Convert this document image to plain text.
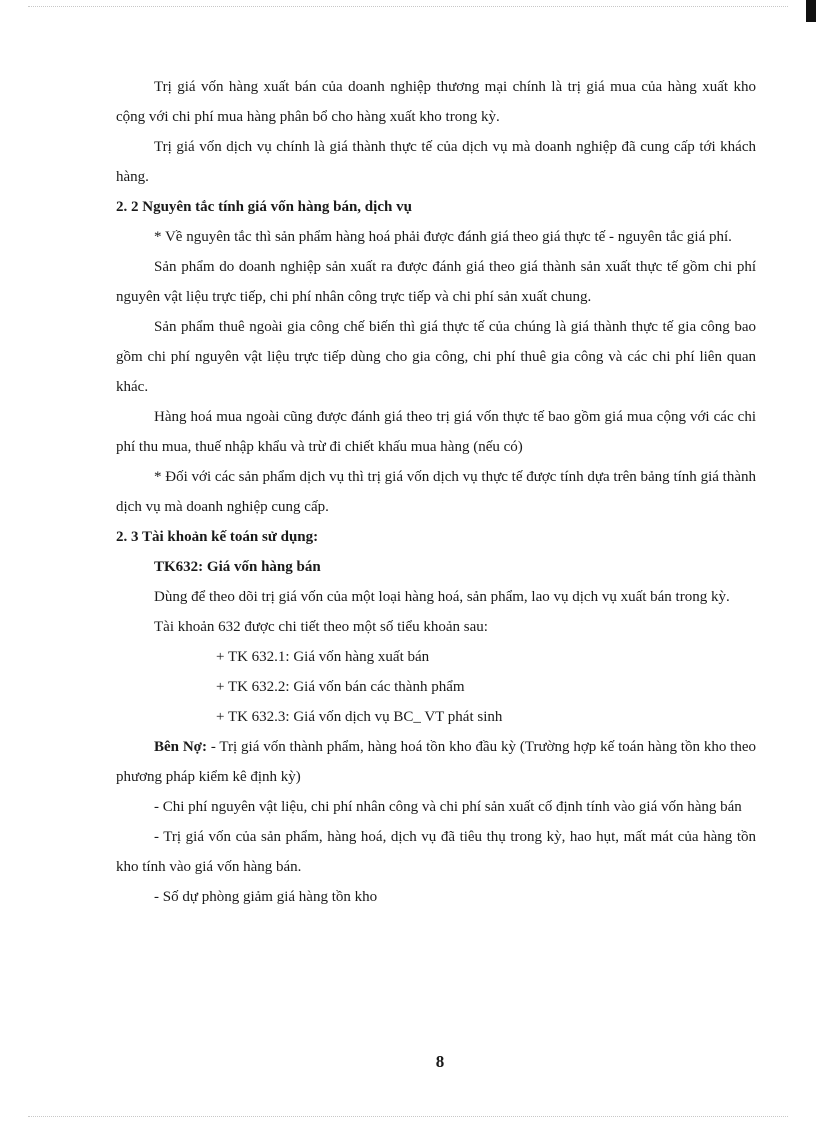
Trị giá vốn hàng xuất bán của doanh nghiệp thương mại chính là trị giá mua của hàng xuất kho cộng với chi phí mua hàng phân bổ cho hàng xuất kho trong kỳ.

Trị giá vốn dịch vụ chính là giá thành thực tế của dịch vụ mà doanh nghiệp đã cung cấp tới khách hàng.

2. 2 Nguyên tắc tính giá vốn hàng bán, dịch vụ

* Về nguyên tắc thì sản phẩm hàng hoá phải được đánh giá theo giá thực tế - nguyên tắc giá phí.

Sản phẩm do doanh nghiệp sản xuất ra được đánh giá theo giá thành sản xuất thực tế gồm chi phí nguyên vật liệu trực tiếp, chi phí nhân công trực tiếp và chi phí sản xuất chung.

Sản phẩm thuê ngoài gia công chế biến thì giá thực tế của chúng là giá thành thực tế gia công bao gồm chi phí nguyên vật liệu trực tiếp dùng cho gia công, chi phí thuê gia công và các chi phí liên quan khác.

Hàng hoá mua ngoài cũng được đánh giá theo trị giá vốn thực tế bao gồm giá mua cộng với các chi phí thu mua, thuế nhập khẩu và trừ đi chiết khấu mua hàng (nếu có)

* Đối với các sản phẩm dịch vụ thì trị giá vốn dịch vụ thực tế được tính dựa trên bảng tính giá thành dịch vụ mà doanh nghiệp cung cấp.

2. 3 Tài khoản kế toán sử dụng:

TK632: Giá vốn hàng bán

Dùng để theo dõi trị giá vốn của một loại hàng hoá, sản phẩm, lao vụ dịch vụ xuất bán trong kỳ.

Tài khoản 632 được chi tiết theo một số tiểu khoản sau:

+ TK 632.1: Giá vốn hàng xuất bán

+ TK 632.2: Giá vốn bán các thành phẩm

+ TK 632.3: Giá vốn dịch vụ BC_ VT phát sinh

Bên Nợ: - Trị giá vốn thành phẩm, hàng hoá tồn kho đầu kỳ (Trường hợp kế toán hàng tồn kho theo phương pháp kiểm kê định kỳ)

- Chi phí nguyên vật liệu, chi phí nhân công và chi phí sản xuất cố định tính vào giá vốn hàng bán

- Trị giá vốn của sản phẩm, hàng hoá, dịch vụ đã tiêu thụ trong kỳ, hao hụt, mất mát của hàng tồn kho tính vào giá vốn hàng bán.

- Số dự phòng giảm giá hàng tồn kho

8
